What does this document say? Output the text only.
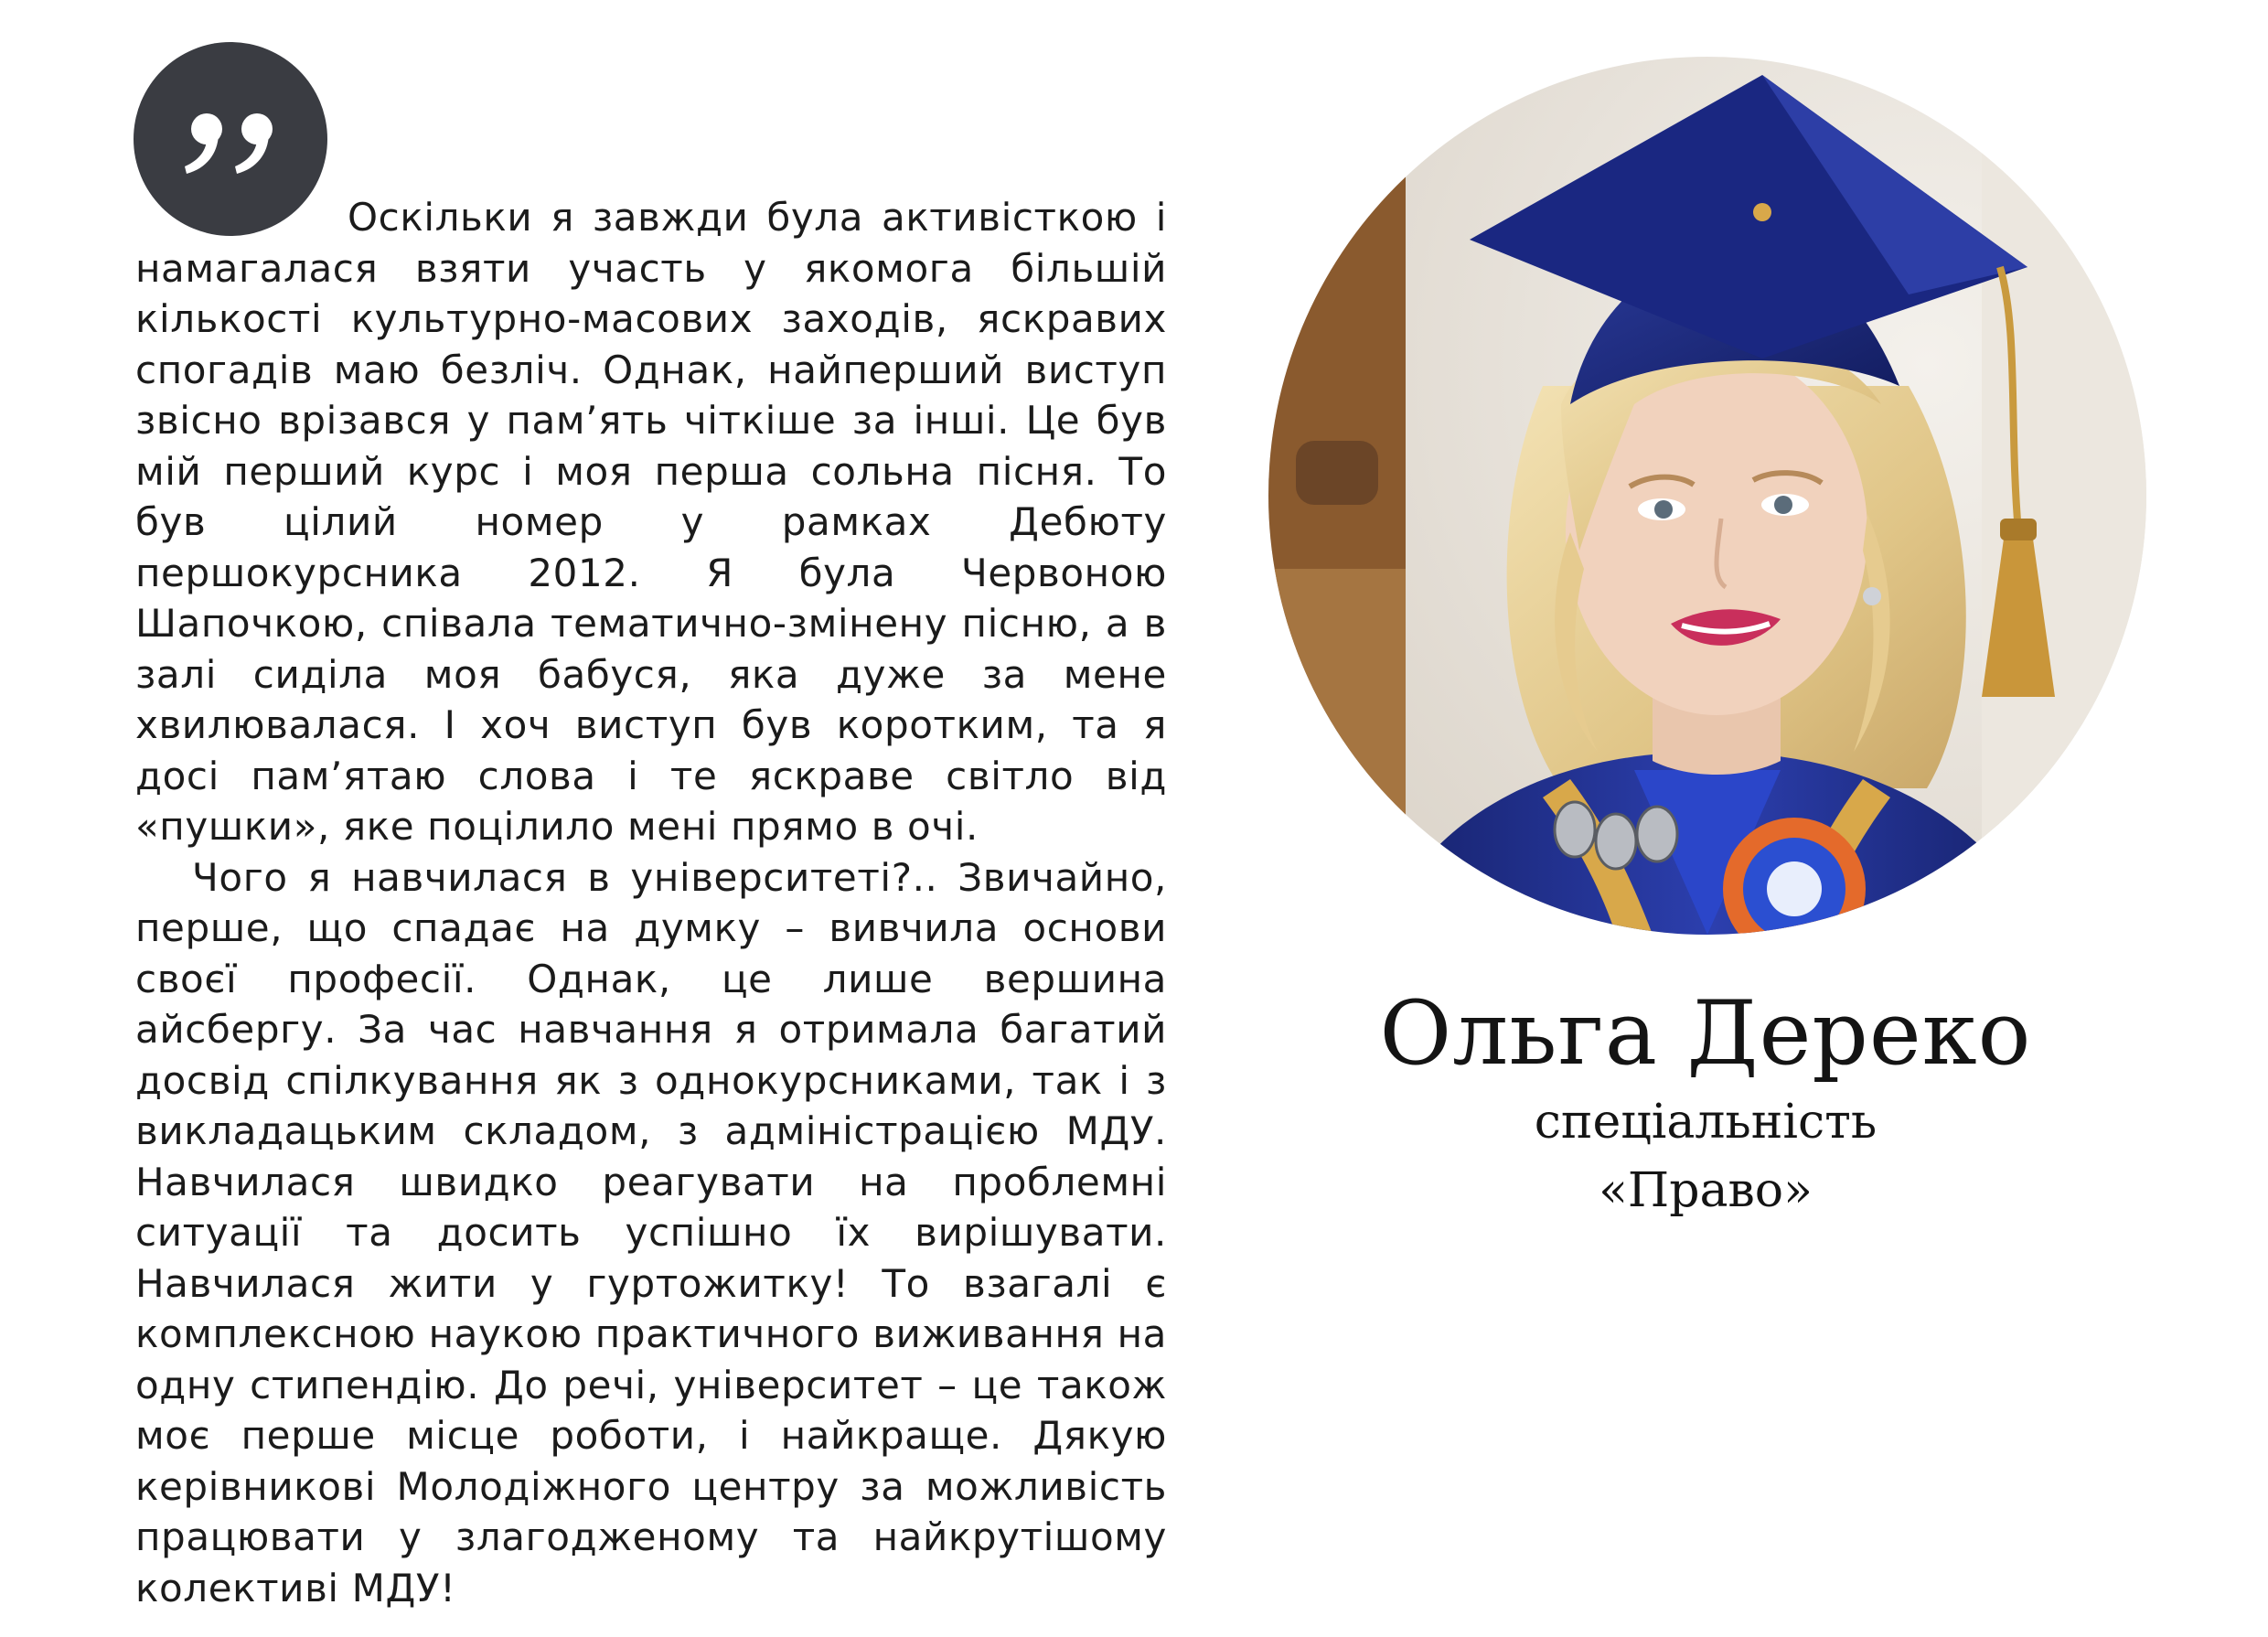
Оскільки я завжди була активісткою і намагалася взяти участь у якомога більшій кількості культурно-масових заходів, яскравих спогадів маю безліч. Однак, найперший виступ звісно врізався у пам’ять чіткіше за інші. Це був мій перший курс і моя перша сольна пісня. То був цілий номер у рамках Дебюту першокурсника 2012. Я була Червоною Шапочкою, співала тематично-змінену пісню, а в залі сиділа моя бабуся, яка дуже за мене хвилювалася. І хоч виступ був коротким, та я досі пам’ятаю слова і те яскраве світло від «пушки», яке поцілило мені прямо в очі.

Чого я навчилася в університеті?.. Звичайно, перше, що спадає на думку – вивчила основи своєї професії. Однак, це лише вершина айсбергу. За час навчання я отримала багатий досвід спілкування як з однокурсниками, так і з викладацьким складом, з адміністрацією МДУ. Навчилася швидко реагувати на проблемні ситуації та досить успішно їх вирішувати. Навчилася жити у гуртожитку! То взагалі є комплексною наукою практичного виживання на одну стипендію. До речі, університет – це також моє перше місце роботи, і найкраще. Дякую керівникові Молодіжного центру за можливість працювати у злагодженому та найкрутішому колективі МДУ!

Ольга Дереко
спеціальність
«Право»
